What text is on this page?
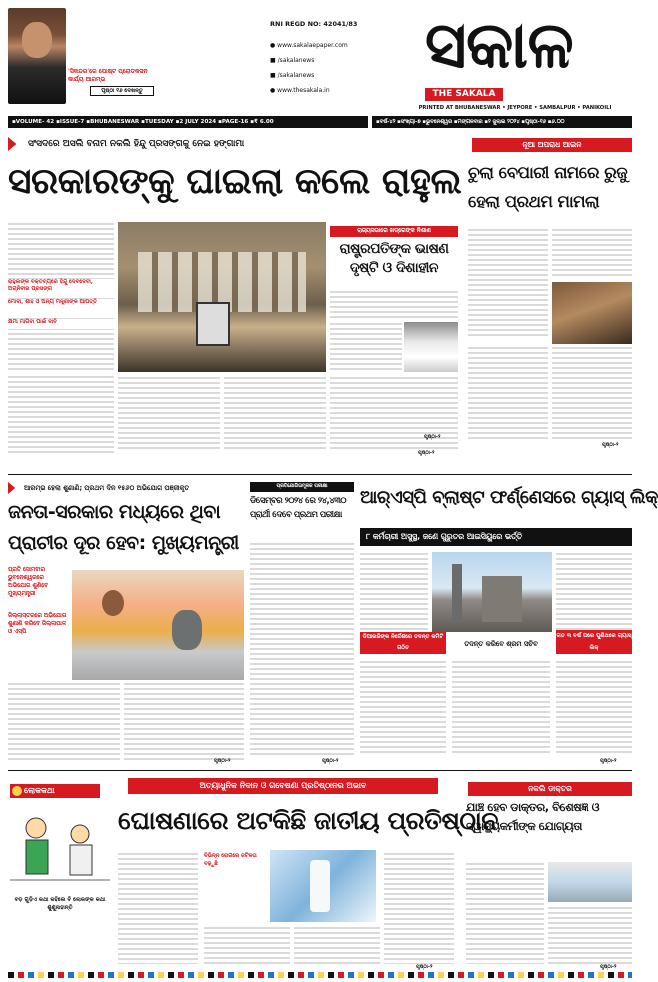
'ସିକନ୍ଦର'ରେ ପୋଷ୍ଟ ପ୍ରୋଡକସନ କାର୍ଯ୍ୟ ଆରମ୍ଭ
ପୃଷ୍ଠା ୧୬ ଦେଖନ୍ତୁ
RNI REGD NO: 42041/83
● www.sakalaepaper.com
■ /sakalanews
■ /sakalanews
● www.thesakala.in
ସକାଳ
THE SAKALA
PRINTED AT BHUBANESWAR • JEYPORE • SAMBALPUR • PANIKOILI
▪VOLUME- 42 ▪ISSUE-7 ▪BHUBANESWAR ▪TUESDAY ▪2 JULY 2024 ▪PAGE-16 ▪₹ 6.00	▪ବର୍ଷ-୪୨ ▪ସଂଖ୍ୟା-୭ ▪ଭୁବନେଶ୍ୱର ▪ମଙ୍ଗଳବାର ▪୨ ଜୁଲାଇ ୨୦୨୪ ▪ପୃଷ୍ଠା-୧୬ ▪୬.୦୦
ସଂସଦରେ ଅସଲି ବନାମ ନକଲି ହିନ୍ଦୁ ପ୍ରସଙ୍ଗକୁ ନେଇ ହଙ୍ଗାମା
ସରକାରଙ୍କୁ ଘାଇଲା କଲେ ରାହୁଲ
ରାହୁଲଙ୍କ ବକ୍ତବ୍ୟରେ ହିନ୍ଦୁ ଦେବଦେବୀ, ଅଗ୍ନିବୀର ପ୍ରସଙ୍ଗ
ମୋଦୀ, ଶାହ ଓ ଅନ୍ୟ ମନ୍ତ୍ରୀଙ୍କ ଆପତ୍ତି
କ୍ଷମା ମାଗିବା ପାଇଁ ଦାବି
ପୃଷ୍ଠା-୨
ରାଜ୍ୟସଭାରେ ଖଡ୍ଗେଙ୍କ ନିଶାଣ
ରାଷ୍ଟ୍ରପତିଙ୍କ ଭାଷଣ ଦୃଷ୍ଟି ଓ ଦିଶାହୀନ
ପୃଷ୍ଠା-୨
ନୂଆ ଅପରାଧ ଆଇନ
ଚୁଲା ବେପାରୀ ନାମରେ ରୁଜୁ ହେଲା ପ୍ରଥମ ମାମଲା
ପୃଷ୍ଠା-୨
ଆରମ୍ଭ ହେଲା ଶୁଣାଣି; ପ୍ରଥମ ଦିନ ୧୫୬୦ ଅଭିଯୋଗ ପଞ୍ଜୀକୃତ
ଜନତା-ସରକାର ମଧ୍ୟରେ ଥିବା ପ୍ରାଚୀର ଦୂର ହେବ: ମୁଖ୍ୟମନ୍ତ୍ରୀ
ପ୍ରତି ସୋମବାର ଭୁବନେଶ୍ୱରରେ ଅଭିଯୋଗ ଶୁଣିବେ ମୁଖ୍ୟମନ୍ତ୍ରୀ
ଜିଲ୍ଲାସ୍ତରରେ ଅଭିଯୋଗ ଶୁଣାଣି କରିବେ ଜିଲ୍ଲାପାଳ ଓ ଏସ୍‌ପି
ପୃଷ୍ଠା-୨
ପ୍ରତିଯୋଗିତାମୂଳକ ପରୀକ୍ଷା
ଡିସେମ୍ବର ୨୦୨୪ ରେ ୨୪,୪୩୦ ପ୍ରାର୍ଥୀ ଦେବେ ପ୍ରଥମ ପରୀକ୍ଷା
ପୃଷ୍ଠା-୨
ଆର୍‌ଏସ୍‌ପି ବ୍ଲାଷ୍ଟ ଫର୍ଣ୍ଣେସରେ ଗ୍ୟାସ୍ ଲିକ୍
୮ କର୍ମଚାରୀ ଅସୁସ୍ଥ, ଜଣେ ଗୁରୁତର ଆଇସିୟୁରେ ଭର୍ତ୍ତି
ଡିଆଇଜିଙ୍କ ନିର୍ଦ୍ଦେଶରେ ତଦନ୍ତ କମିଟି ଗଠିତ	ତଦନ୍ତ କରିବେ ଶ୍ରମ ସଚିବ
ଗତ ୩ ବର୍ଷ ପରେ ପୁଣିଥରେ ଗ୍ୟାସ୍‌ ଲିକ୍
ପୃଷ୍ଠା-୨
ଲୋକକଥା
ବଡ଼ ଗୁଡ଼ିଏ କଥା କହିଲେ ବି ଲୋକଙ୍କ କଥା ଶୁଣୁନାହାନ୍ତି
ଅତ୍ୟାଧୁନିକ ନିଦାନ ଓ ଗବେଷଣା ପ୍ରତିଷ୍ଠାନର ଅଭାବ
ଘୋଷଣାରେ ଅଟକିଛି ଜାତୀୟ ପ୍ରତିଷ୍ଠାନ
ବିଭିନ୍ନ ରୋଗରେ ଜଟିଳତା ବଢ଼ୁଛି
ପୃଷ୍ଠା-୨
ନକଲି ଡାକ୍ତର
ଯାଞ୍ଚ ହେବ ଡାକ୍ତର, ବିଶେଷଜ୍ଞ ଓ ସ୍ୱାସ୍ଥ୍ୟକର୍ମୀଙ୍କ ଯୋଗ୍ୟତା
ପୃଷ୍ଠା-୨
